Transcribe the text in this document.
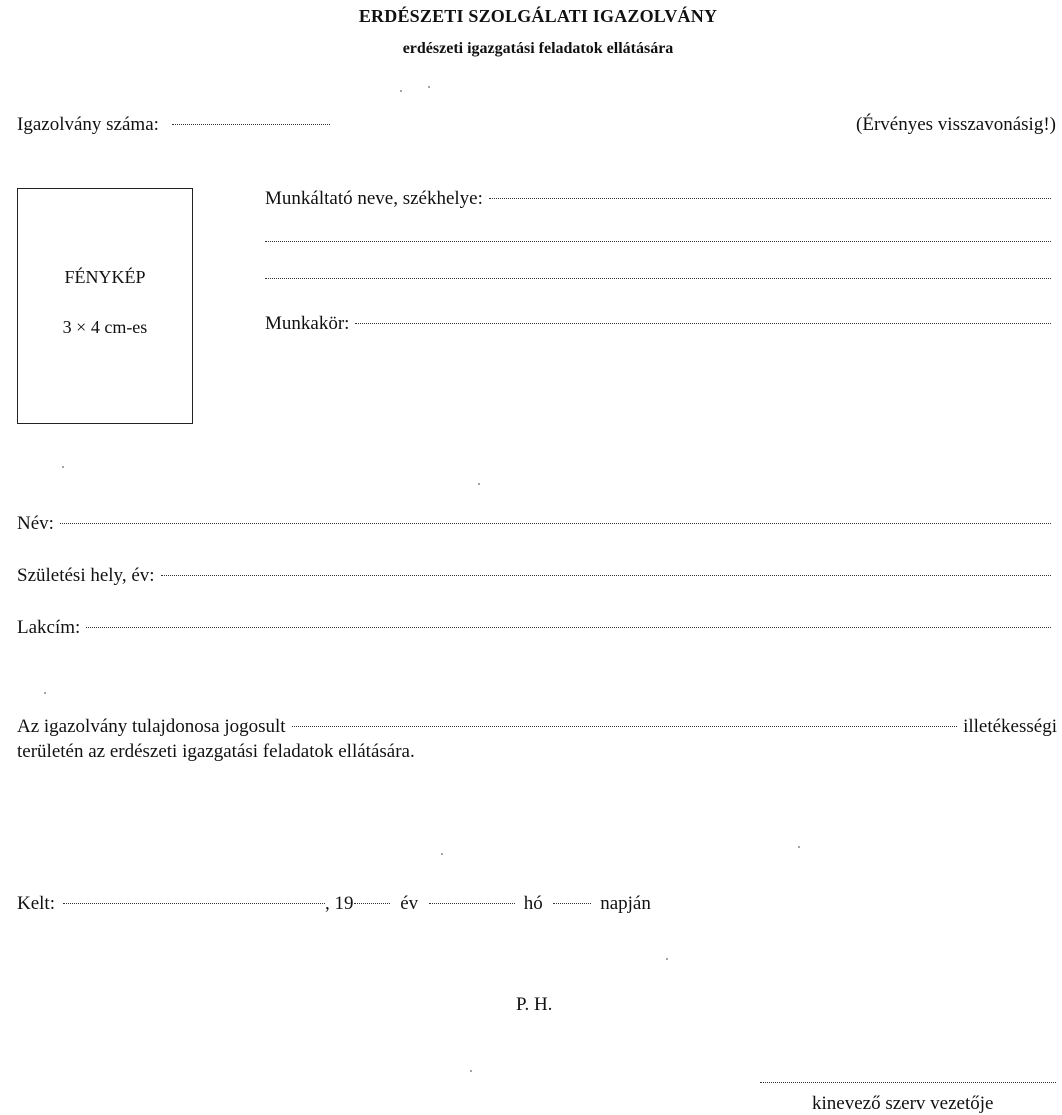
ERDÉSZETI SZOLGÁLATI IGAZOLVÁNY
erdészeti igazgatási feladatok ellátására
Igazolvány száma:	(Érvényes visszavonásig!)
FÉNYKÉP
3 × 4 cm-es
Munkáltató neve, székhelye:
Munkakör:
Név:
Születési hely, év:
Lakcím:
Az igazolvány tulajdonosa jogosult	illetékességi
területén az erdészeti igazgatási feladatok ellátására.
Kelt:	, 19 év	hó	napján
P. H.
kinevező szerv vezetője
